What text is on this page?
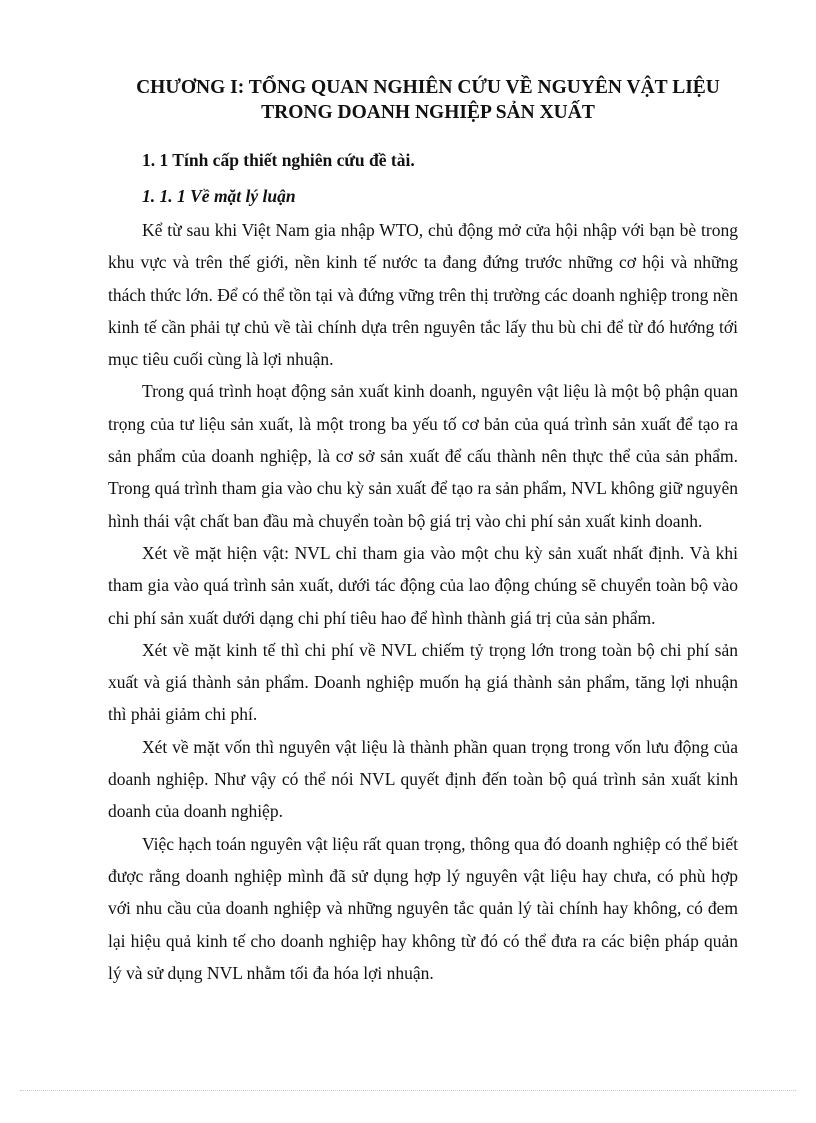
CHƯƠNG I: TỔNG QUAN NGHIÊN CỨU VỀ NGUYÊN VẬT LIỆU
TRONG DOANH NGHIỆP SẢN XUẤT
1. 1 Tính cấp thiết nghiên cứu đề tài.
1. 1. 1 Về mặt lý luận

Kể từ sau khi Việt Nam gia nhập WTO, chủ động mở cửa hội nhập với bạn bè trong khu vực và trên thế giới, nền kinh tế nước ta đang đứng trước những cơ hội và những thách thức lớn. Để có thể tồn tại và đứng vững trên thị trường các doanh nghiệp trong nền kinh tế cần phải tự chủ về tài chính dựa trên nguyên tắc lấy thu bù chi để từ đó hướng tới mục tiêu cuối cùng là lợi nhuận.

Trong quá trình hoạt động sản xuất kinh doanh, nguyên vật liệu là một bộ phận quan trọng của tư liệu sản xuất, là một trong ba yếu tố cơ bản của quá trình sản xuất để tạo ra sản phẩm của doanh nghiệp, là cơ sở sản xuất để cấu thành nên thực thể của sản phẩm. Trong quá trình tham gia vào chu kỳ sản xuất để tạo ra sản phẩm, NVL không giữ nguyên hình thái vật chất ban đầu mà chuyển toàn bộ giá trị vào chi phí sản xuất kinh doanh.

Xét về mặt hiện vật: NVL chỉ tham gia vào một chu kỳ sản xuất nhất định. Và khi tham gia vào quá trình sản xuất, dưới tác động của lao động chúng sẽ chuyển toàn bộ vào chi phí sản xuất dưới dạng chi phí tiêu hao để hình thành giá trị của sản phẩm.

Xét về mặt kinh tế thì chi phí về NVL chiếm tỷ trọng lớn trong toàn bộ chi phí sản xuất và giá thành sản phẩm. Doanh nghiệp muốn hạ giá thành sản phẩm, tăng lợi nhuận thì phải giảm chi phí.

Xét về mặt vốn thì nguyên vật liệu là thành phần quan trọng trong vốn lưu động của doanh nghiệp. Như vậy có thể nói NVL quyết định đến toàn bộ quá trình sản xuất kinh doanh của doanh nghiệp.

Việc hạch toán nguyên vật liệu rất quan trọng, thông qua đó doanh nghiệp có thể biết được rằng doanh nghiệp mình đã sử dụng hợp lý nguyên vật liệu hay chưa, có phù hợp với nhu cầu của doanh nghiệp và những nguyên tắc quản lý tài chính hay không, có đem lại hiệu quả kinh tế cho doanh nghiệp hay không từ đó có thể đưa ra các biện pháp quản lý và sử dụng NVL nhằm tối đa hóa lợi nhuận.
